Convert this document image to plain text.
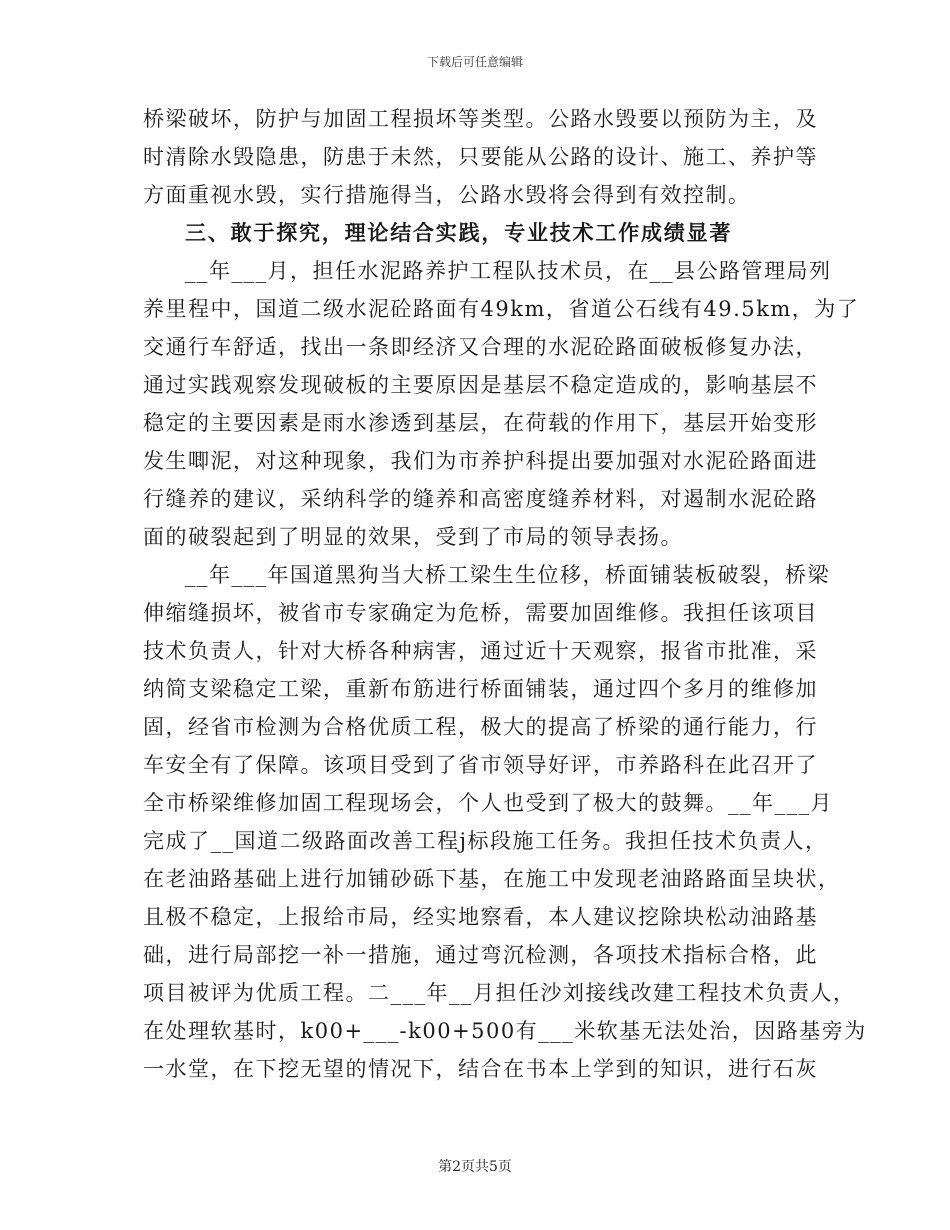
下载后可任意编辑
桥梁破坏，防护与加固工程损坏等类型。公路水毁要以预防为主，及
时清除水毁隐患，防患于未然，只要能从公路的设计、施工、养护等
方面重视水毁，实行措施得当，公路水毁将会得到有效控制。
三、敢于探究，理论结合实践，专业技术工作成绩显著
__年___月，担任水泥路养护工程队技术员，在__县公路管理局列
养里程中，国道二级水泥砼路面有49km，省道公石线有49.5km，为了
交通行车舒适，找出一条即经济又合理的水泥砼路面破板修复办法，
通过实践观察发现破板的主要原因是基层不稳定造成的，影响基层不
稳定的主要因素是雨水渗透到基层，在荷载的作用下，基层开始变形
发生唧泥，对这种现象，我们为市养护科提出要加强对水泥砼路面进
行缝养的建议，采纳科学的缝养和高密度缝养材料，对遏制水泥砼路
面的破裂起到了明显的效果，受到了市局的领导表扬。
__年___年国道黑狗当大桥工梁生生位移，桥面铺装板破裂，桥梁
伸缩缝损坏，被省市专家确定为危桥，需要加固维修。我担任该项目
技术负责人，针对大桥各种病害，通过近十天观察，报省市批准，采
纳简支梁稳定工梁，重新布筋进行桥面铺装，通过四个多月的维修加
固，经省市检测为合格优质工程，极大的提高了桥梁的通行能力，行
车安全有了保障。该项目受到了省市领导好评，市养路科在此召开了
全市桥梁维修加固工程现场会，个人也受到了极大的鼓舞。__年___月
完成了__国道二级路面改善工程j标段施工任务。我担任技术负责人，
在老油路基础上进行加铺砂砾下基，在施工中发现老油路路面呈块状，
且极不稳定，上报给市局，经实地察看，本人建议挖除块松动油路基
础，进行局部挖一补一措施，通过弯沉检测，各项技术指标合格，此
项目被评为优质工程。二___年__月担任沙刘接线改建工程技术负责人，
在处理软基时，k00+___-k00+500有___米软基无法处治，因路基旁为
一水堂，在下挖无望的情况下，结合在书本上学到的知识，进行石灰
第2页共5页
